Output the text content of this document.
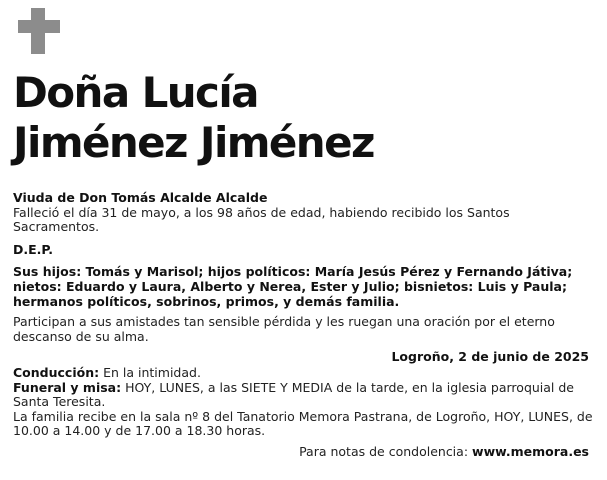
Doña Lucía
Jiménez Jiménez

Viuda de Don Tomás Alcalde Alcalde

Falleció el día 31 de mayo, a los 98 años de edad, habiendo recibido los Santos Sacramentos.

D.E.P.

Sus hijos: Tomás y Marisol; hijos políticos: María Jesús Pérez y Fernando Játiva; nietos: Eduardo y Laura, Alberto y Nerea, Ester y Julio; bisnietos: Luis y Paula; hermanos políticos, sobrinos, primos, y demás familia.

Participan a sus amistades tan sensible pérdida y les ruegan una oración por el eterno descanso de su alma.

Logroño, 2 de junio de 2025

Conducción: En la intimidad.

Funeral y misa: HOY, LUNES, a las SIETE Y MEDIA de la tarde, en la iglesia parroquial de Santa Teresita.

La familia recibe en la sala nº 8 del Tanatorio Memora Pastrana, de Logroño, HOY, LUNES, de 10.00 a 14.00 y de 17.00 a 18.30 horas.

Para notas de condolencia: www.memora.es
